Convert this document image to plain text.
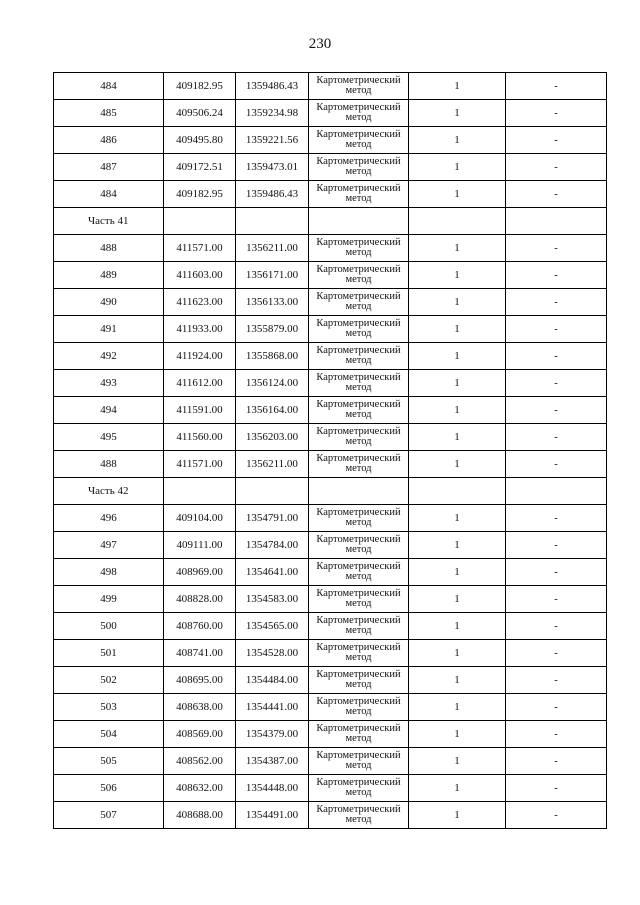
230
484	409182.95	1359486.43	Картометрический метод	1	-
485	409506.24	1359234.98	Картометрический метод	1	-
486	409495.80	1359221.56	Картометрический метод	1	-
487	409172.51	1359473.01	Картометрический метод	1	-
484	409182.95	1359486.43	Картометрический метод	1	-
Часть 41					
488	411571.00	1356211.00	Картометрический метод	1	-
489	411603.00	1356171.00	Картометрический метод	1	-
490	411623.00	1356133.00	Картометрический метод	1	-
491	411933.00	1355879.00	Картометрический метод	1	-
492	411924.00	1355868.00	Картометрический метод	1	-
493	411612.00	1356124.00	Картометрический метод	1	-
494	411591.00	1356164.00	Картометрический метод	1	-
495	411560.00	1356203.00	Картометрический метод	1	-
488	411571.00	1356211.00	Картометрический метод	1	-
Часть 42					
496	409104.00	1354791.00	Картометрический метод	1	-
497	409111.00	1354784.00	Картометрический метод	1	-
498	408969.00	1354641.00	Картометрический метод	1	-
499	408828.00	1354583.00	Картометрический метод	1	-
500	408760.00	1354565.00	Картометрический метод	1	-
501	408741.00	1354528.00	Картометрический метод	1	-
502	408695.00	1354484.00	Картометрический метод	1	-
503	408638.00	1354441.00	Картометрический метод	1	-
504	408569.00	1354379.00	Картометрический метод	1	-
505	408562.00	1354387.00	Картометрический метод	1	-
506	408632.00	1354448.00	Картометрический метод	1	-
507	408688.00	1354491.00	Картометрический метод	1	-
